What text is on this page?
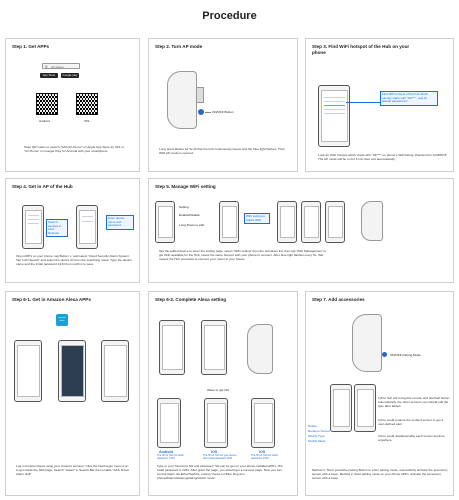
Procedure
Step 1. Get APPs
⚲ Air-Home
App Store	Google play
Android	IOS
Scan QR codes or search "SAS Air-Home" on Apple App Store for iOS or "Air-Home" on Google Play for Android with your smartphone
Step 2. Turn AP mode
ON/OFF Button
Long press Button for 5s till that the hub continuously beeps and the blue light flashes. Then WiFi AP mode is opened.
Step 3. Find WiFi hotspot of the Hub on your phone
Find WiFi hotspot of the hub which namely starts with "SK***", and its default password is
Look for WiFi hotspot which starts with "SK***" on phone's WiFi listing. Password is 12345678. The AP mode will be on for 5 min then exit automatically.
Step 4. Get in AP of the Hub
Search devices in Lanz Network
Enter device name and password
Open APPs on your phone, tap Button '+' and select 'Cloud Security Alarm System'. Tap 'LAN Search' and select the device ID from the searching result. Type the device name and the initial password 1234 then confirm to save.
Step 5. Manage WiFi setting
Setting
Enable/Disable
Long Press to edit
WiFi setting to Adjust WiFi
Tap the added device to enter the setting page, select "WiFi setting" from the pull-down list, then tap 'WiFi Management' to get WiFi available for the Hub, select the same hotspot with your phone to connect. After blue light flashes every 5s, that means the Hub succeeds to connect your router in your house.
Step 6-1. Get in Amazon Alexa APPs
amazon alexa
Log in Amazon Alexa using your Amazon account. Click the hamburger menu icon to get inside the Skill page. Search "sasair" in Search Bar then enable "SAS Smart Alarm skill".
Step 6-2. Complete Alexa setting
Wave to get ON
Android	IOS	IOS
The SN of Hub As initial password: 1234
The SN of Hub As your device then Initial password 1234
The SN of Hub As initial password: 1234
Type in your Xsecent's SN and password. SN can be get on your above-installed APPs. The initial password is 1234. After grant the page, you should get a success page. Now you can control Alarm via Echo/Tap/Dot, voicing 'Alexa, let Blue Dog arm phone/disarm/stateing/sating/switch mode'.
Step 7. Add accessories
ON/OFF Pairing Mode
Delete
Rename Sensor
Modify Type
Modify Mode
1)The hub will recognize remote and doorbell button automatically, the other sensors you should edit the type after added.
2)You could rename the emitted sensor to get a user-defined alert
3)You could disable/enable each sensor anytime anywhere.
Method 1: Short press/the pairing Button to enter pairing mode, successfully activate the accessory sensor with a beep. Method 2: Start pairing mode on your phone APPs, activate the accessory sensor with a beep.
